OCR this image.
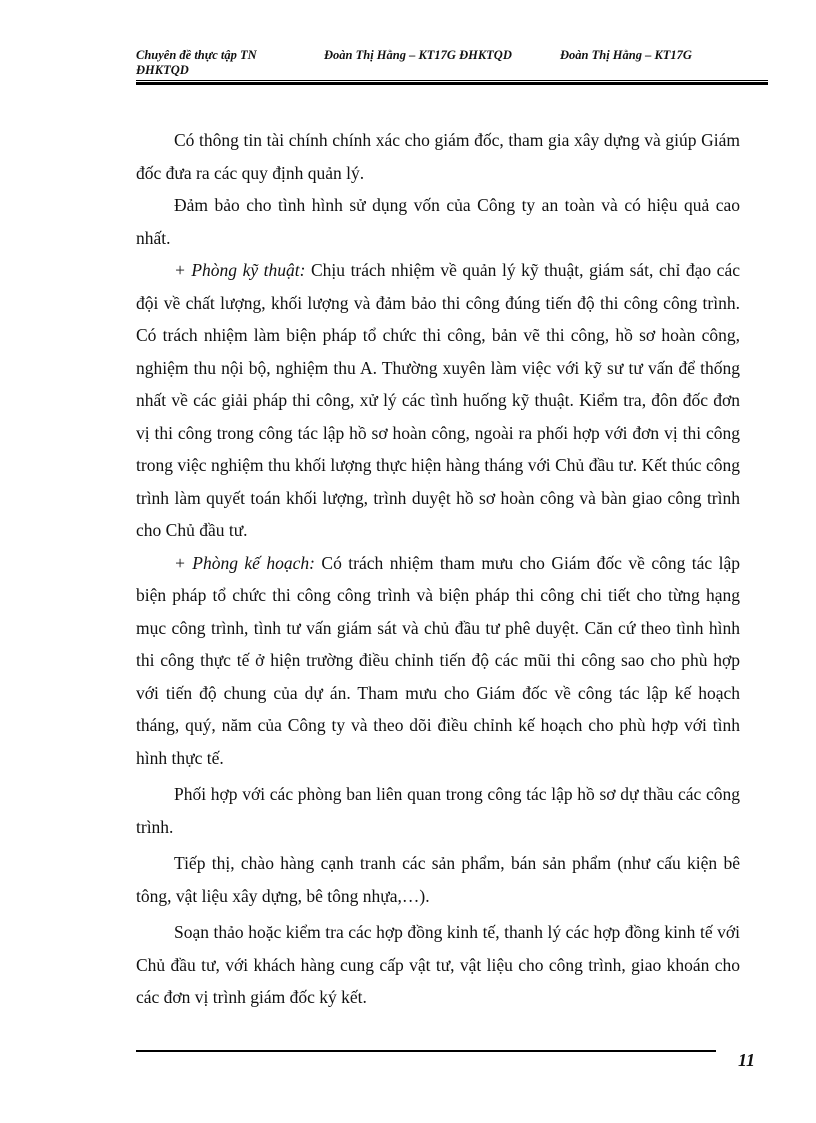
Chuyên đề thực tập TN	Đoàn Thị Hằng – KT17G ĐHKTQD	Đoàn Thị Hằng – KT17G
ĐHKTQD

Có thông tin tài chính chính xác cho giám đốc, tham gia xây dựng và giúp Giám đốc đưa ra các quy định quản lý.

Đảm bảo cho tình hình sử dụng vốn của Công ty an toàn và có hiệu quả cao nhất.

+ Phòng kỹ thuật: Chịu trách nhiệm về quản lý kỹ thuật, giám sát, chỉ đạo các đội về chất lượng, khối lượng và đảm bảo thi công đúng tiến độ thi công công trình. Có trách nhiệm làm biện pháp tổ chức thi công, bản vẽ thi công, hồ sơ hoàn công, nghiệm thu nội bộ, nghiệm thu A. Thường xuyên làm việc với kỹ sư tư vấn để thống nhất về các giải pháp thi công, xử lý các tình huống kỹ thuật. Kiểm tra, đôn đốc đơn vị thi công trong công tác lập hồ sơ hoàn công, ngoài ra phối hợp với đơn vị thi công trong việc nghiệm thu khối lượng thực hiện hàng tháng với Chủ đầu tư. Kết thúc công trình làm quyết toán khối lượng, trình duyệt hồ sơ hoàn công và bàn giao công trình cho Chủ đầu tư.

+ Phòng kế hoạch: Có trách nhiệm tham mưu cho Giám đốc về công tác lập biện pháp tổ chức thi công công trình và biện pháp thi công chi tiết cho từng hạng mục công trình, tình tư vấn giám sát và chủ đầu tư phê duyệt. Căn cứ theo tình hình thi công thực tế ở hiện trường điều chỉnh tiến độ các mũi thi công sao cho phù hợp với tiến độ chung của dự án. Tham mưu cho Giám đốc về công tác lập kế hoạch tháng, quý, năm của Công ty và theo dõi điều chỉnh kế hoạch cho phù hợp với tình hình thực tế.

Phối hợp với các phòng ban liên quan trong công tác lập hồ sơ dự thầu các công trình.

Tiếp thị, chào hàng cạnh tranh các sản phẩm, bán sản phẩm (như cấu kiện bê tông, vật liệu xây dựng, bê tông nhựa,…).

Soạn thảo hoặc kiểm tra các hợp đồng kinh tế, thanh lý các hợp đồng kinh tế với Chủ đầu tư, với khách hàng cung cấp vật tư, vật liệu cho công trình, giao khoán cho các đơn vị trình giám đốc ký kết.

11
